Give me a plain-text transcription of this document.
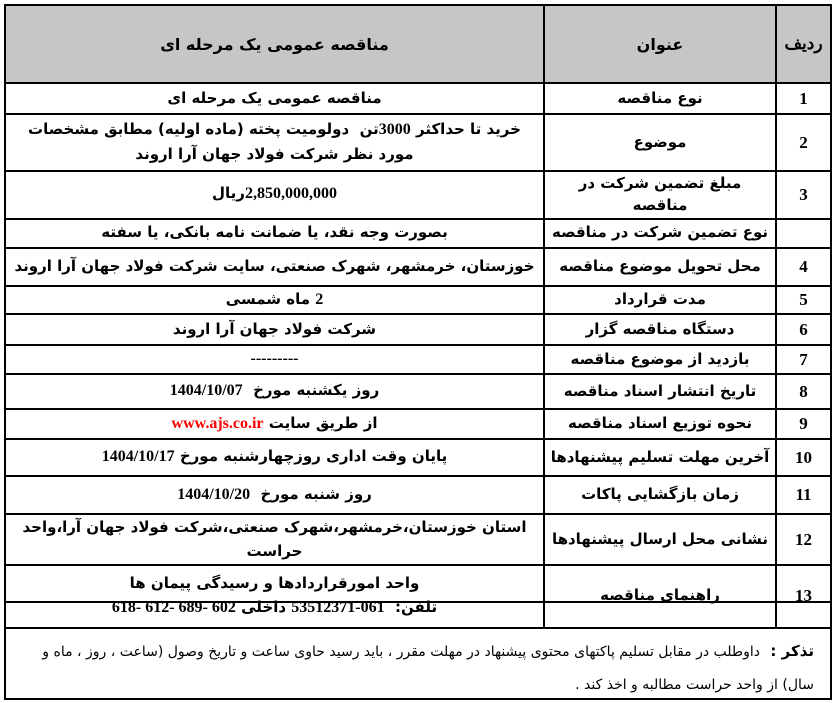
ردیف	عنوان	مناقصه عمومی یک مرحله ای
1	نوع مناقصه	مناقصه عمومی یک مرحله ای

2	موضوع	خرید تا حداکثر 3000تن  دولومیت پخته (ماده اولیه) مطابق مشخصات مورد نظر شرکت فولاد جهان آرا اروند

3	مبلغ تضمین شرکت در مناقصه	2,850,000,000ریال

	نوع تضمین شرکت در مناقصه	بصورت وجه نقد، یا ضمانت نامه بانکی، یا سفته

4	محل تحویل موضوع مناقصه	خوزستان، خرمشهر، شهرک صنعتی، سایت شرکت فولاد جهان آرا اروند

5	مدت قرارداد	2 ماه شمسی

6	دستگاه مناقصه گزار	شرکت فولاد جهان آرا اروند

7	بازدید از موضوع مناقصه	---------

8	تاریخ انتشار اسناد مناقصه	روز یکشنبه مورخ  1404/10/07

9	نحوه توزیع اسناد مناقصه	از طریق سایت www.ajs.co.ir

10	آخرین مهلت تسلیم پیشنهادها	پایان وقت اداری روزچهارشنبه مورخ 1404/10/17

11	زمان بازگشایی پاکات	روز شنبه مورخ  1404/10/20

12	نشانی محل ارسال پیشنهادها	استان خوزستان،خرمشهر،شهرک صنعتی،شرکت فولاد جهان آرا،واحد حراست

13	راهنمای مناقصه	واحد امورقراردادها و رسیدگی پیمان ها
تلفن:  061-53512371 داخلی 602 -689 -612 -618
تذکر :  داوطلب در مقابل تسلیم پاکتهای محتوی پیشنهاد در مهلت مقرر ، باید رسید حاوی ساعت و تاریخ وصول (ساعت ، روز ، ماه و سال) از واحد حراست مطالبه و اخذ کند .
